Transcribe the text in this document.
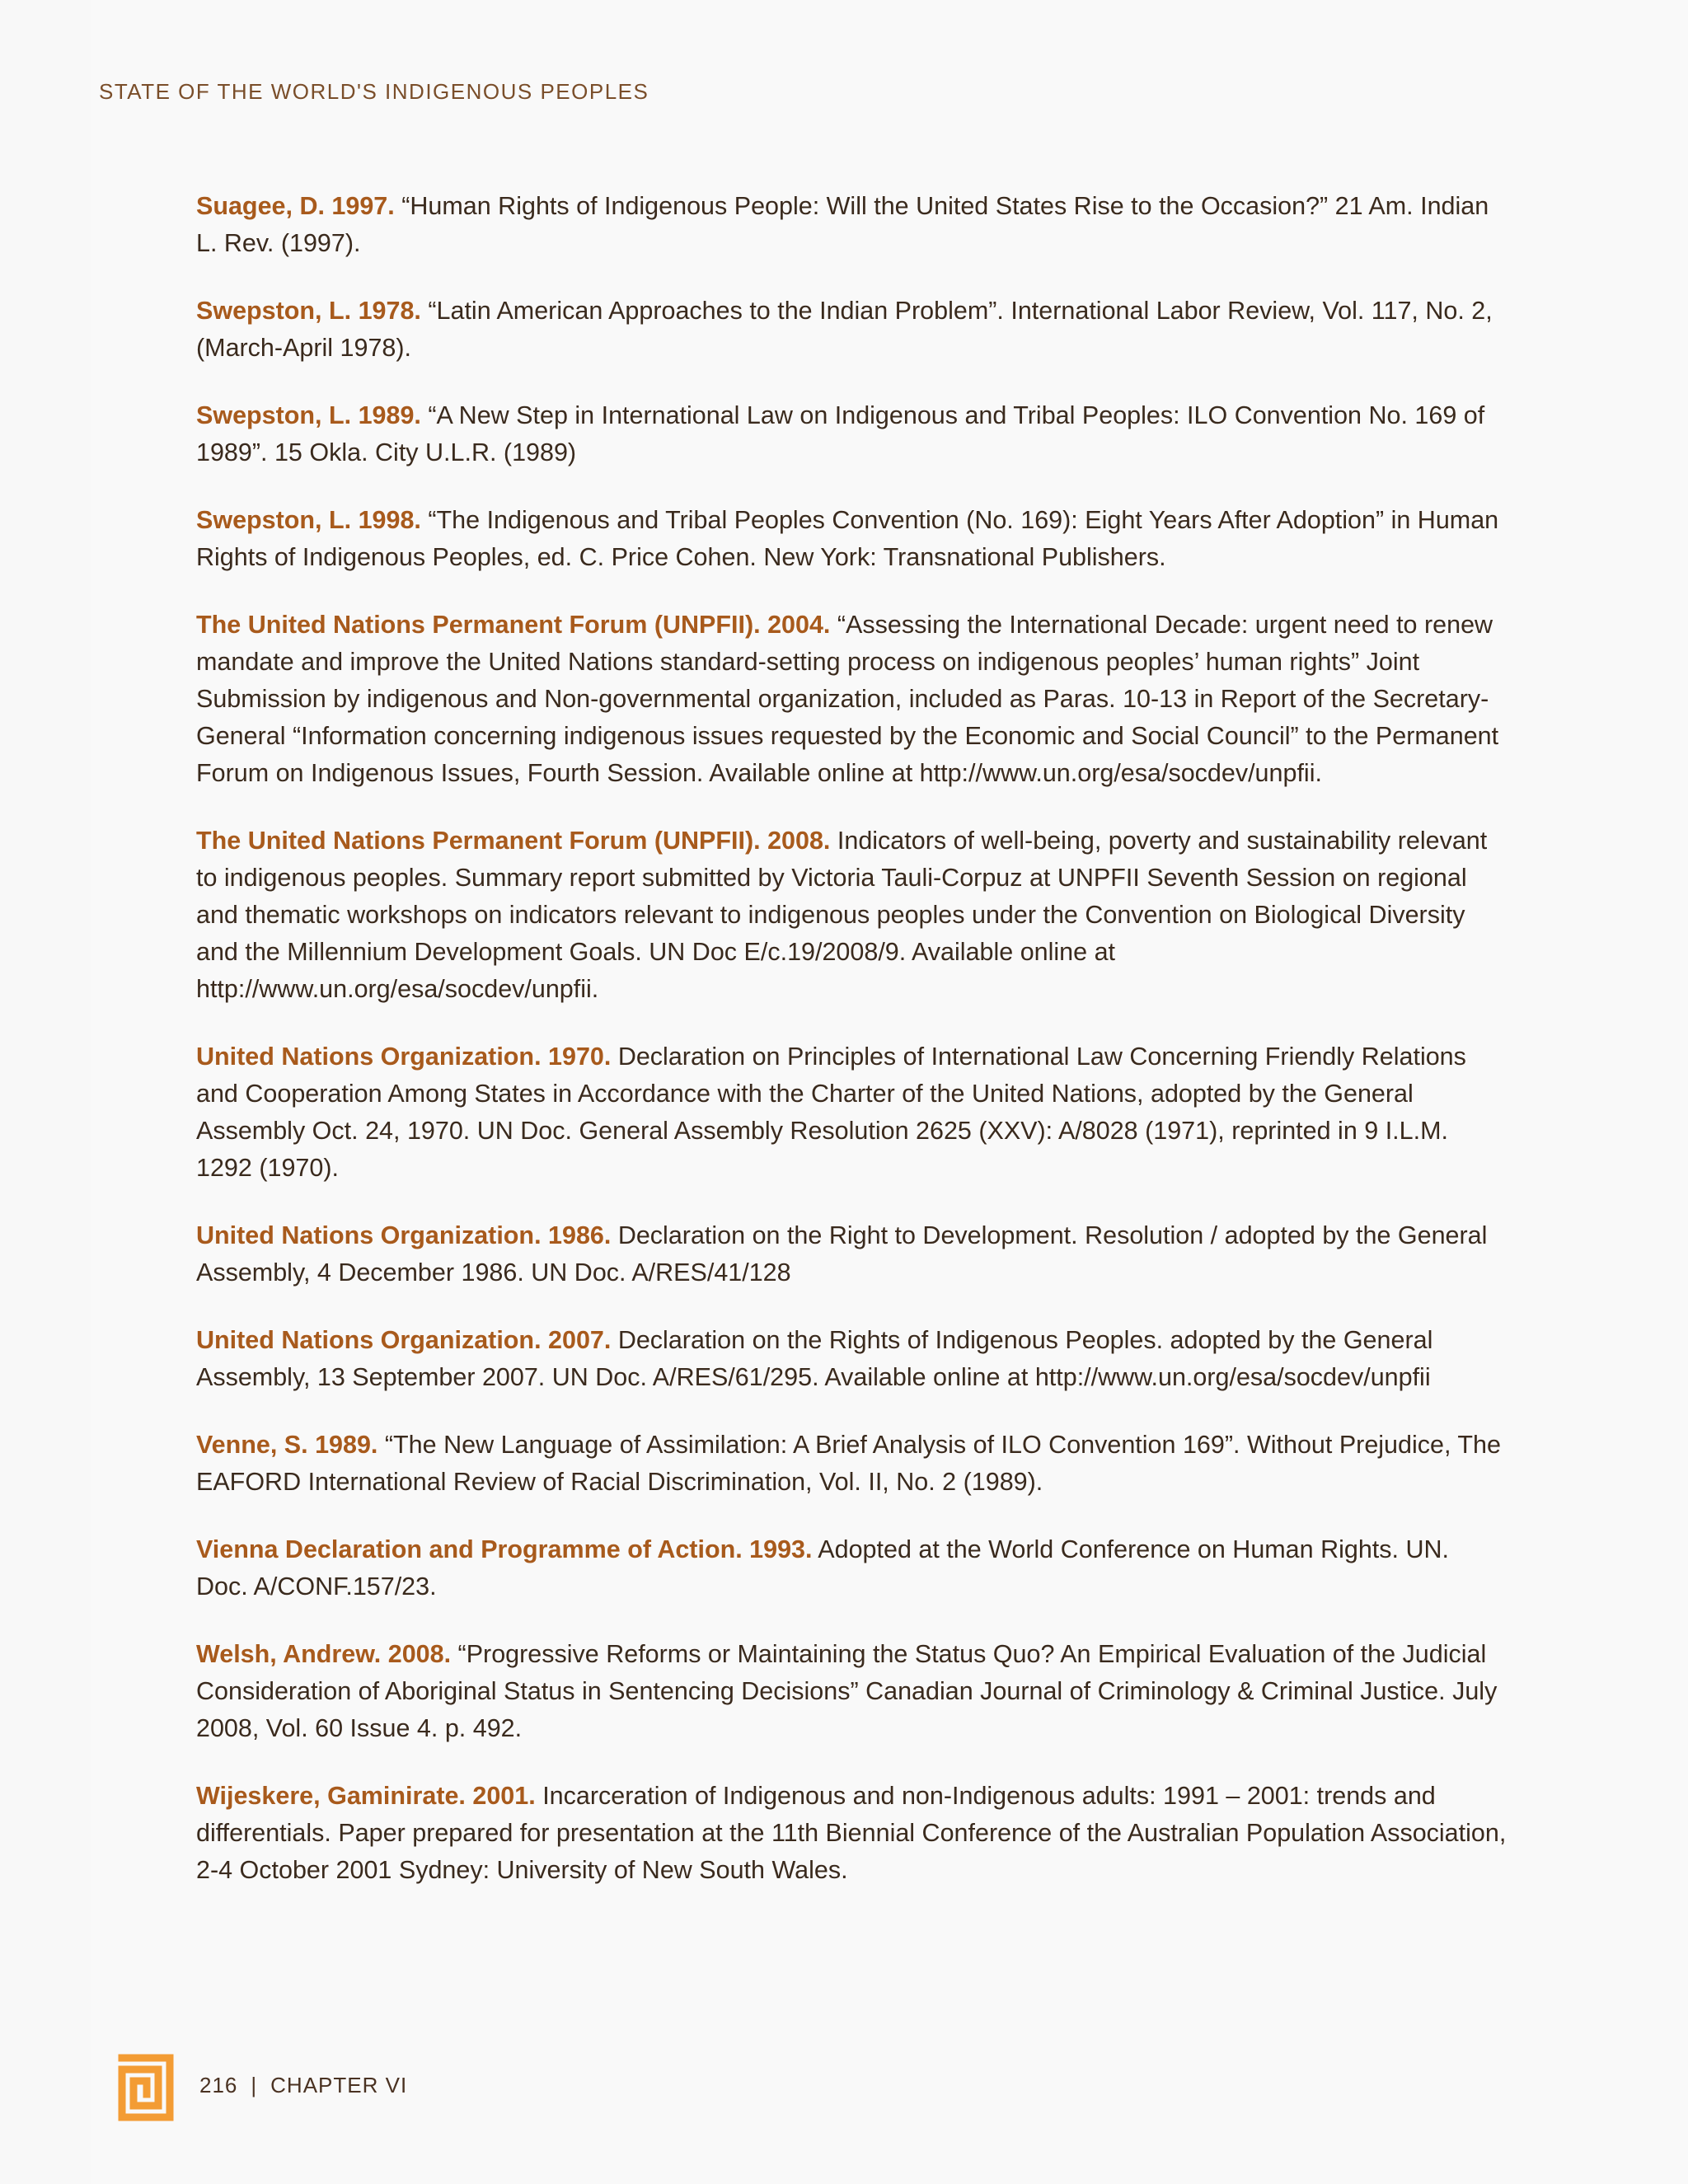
STATE OF THE WORLD'S INDIGENOUS PEOPLES

Suagee, D. 1997. “Human Rights of Indigenous People: Will the United States Rise to the Occasion?” 21 Am. Indian L. Rev. (1997).

Swepston, L. 1978. “Latin American Approaches to the Indian Problem”. International Labor Review, Vol. 117, No. 2, (March-April 1978).

Swepston, L. 1989. “A New Step in International Law on Indigenous and Tribal Peoples: ILO Convention No. 169 of 1989”. 15 Okla. City U.L.R. (1989)

Swepston, L. 1998. “The Indigenous and Tribal Peoples Convention (No. 169): Eight Years After Adoption” in Human Rights of Indigenous Peoples, ed. C. Price Cohen. New York: Transnational Publishers.

The United Nations Permanent Forum (UNPFII). 2004. “Assessing the International Decade: urgent need to renew mandate and improve the United Nations standard-setting process on indigenous peoples’ human rights” Joint Submission by indigenous and Non-governmental organization, included as Paras. 10-13 in Report of the Secretary-General “Information concerning indigenous issues requested by the Economic and Social Council” to the Permanent Forum on Indigenous Issues, Fourth Session. Available online at http://www.un.org/esa/socdev/unpfii.

The United Nations Permanent Forum (UNPFII). 2008. Indicators of well-being, poverty and sustainability relevant to indigenous peoples. Summary report submitted by Victoria Tauli-Corpuz at UNPFII Seventh Session on regional and thematic workshops on indicators relevant to indigenous peoples under the Convention on Biological Diversity and the Millennium Development Goals. UN Doc E/c.19/2008/9. Available online at http://www.un.org/esa/socdev/unpfii.

United Nations Organization. 1970. Declaration on Principles of International Law Concerning Friendly Relations and Cooperation Among States in Accordance with the Charter of the United Nations, adopted by the General Assembly Oct. 24, 1970. UN Doc. General Assembly Resolution 2625 (XXV): A/8028 (1971), reprinted in 9 I.L.M. 1292 (1970).

United Nations Organization. 1986. Declaration on the Right to Development. Resolution / adopted by the General Assembly, 4 December 1986. UN Doc. A/RES/41/128

United Nations Organization. 2007. Declaration on the Rights of Indigenous Peoples. adopted by the General Assembly, 13 September 2007. UN Doc. A/RES/61/295. Available online at http://www.un.org/esa/socdev/unpfii

Venne, S. 1989. “The New Language of Assimilation: A Brief Analysis of ILO Convention 169”. Without Prejudice, The EAFORD International Review of Racial Discrimination, Vol. II, No. 2 (1989).

Vienna Declaration and Programme of Action. 1993. Adopted at the World Conference on Human Rights. UN. Doc. A/CONF.157/23.

Welsh, Andrew. 2008. “Progressive Reforms or Maintaining the Status Quo? An Empirical Evaluation of the Judicial Consideration of Aboriginal Status in Sentencing Decisions” Canadian Journal of Criminology & Criminal Justice. July 2008, Vol. 60 Issue 4. p. 492.

Wijeskere, Gaminirate. 2001. Incarceration of Indigenous and non-Indigenous adults: 1991 – 2001: trends and differentials. Paper prepared for presentation at the 11th Biennial Conference of the Australian Population Association, 2-4 October 2001 Sydney: University of New South Wales.

216 | CHAPTER VI
